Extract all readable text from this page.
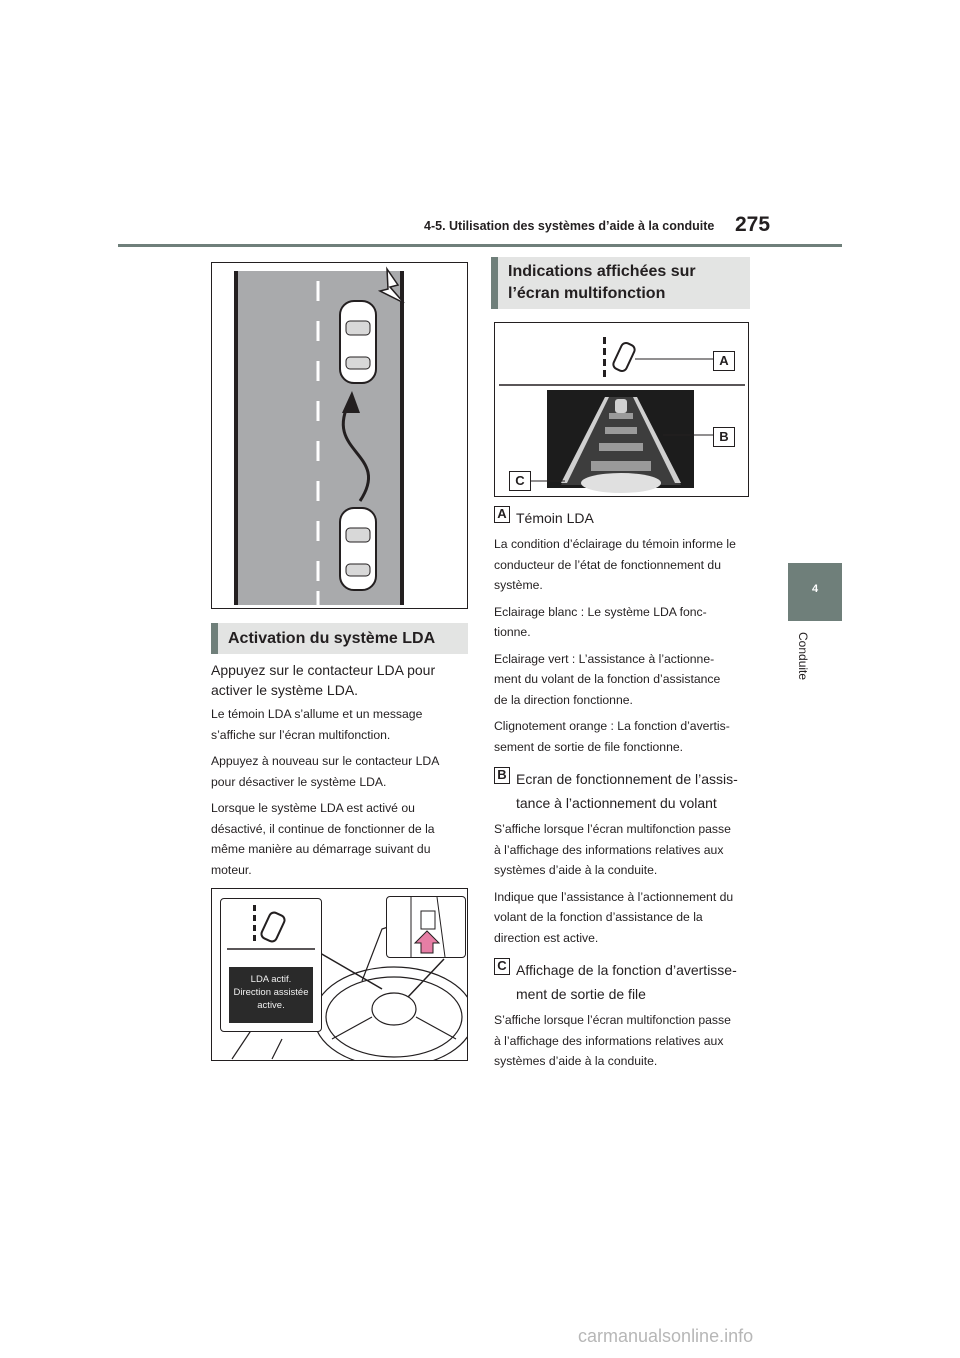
4-5. Utilisation des systèmes d’aide à la conduite 275
4
Conduite
Activation du système LDA
Appuyez sur le contacteur LDA pour
activer le système LDA.

Le témoin LDA s’allume et un message
s’affiche sur l’écran multifonction.

Appuyez à nouveau sur le contacteur LDA
pour désactiver le système LDA.

Lorsque le système LDA est activé ou
désactivé, il continue de fonctionner de la
même manière au démarrage suivant du
moteur.

LDA actif.
Direction assistée
active.
Indications affichées sur
l’écran multifonction
A
B
C
A Témoin LDA

La condition d’éclairage du témoin informe le
conducteur de l’état de fonctionnement du
système.

Eclairage blanc : Le système LDA fonc-
tionne.

Eclairage vert : L’assistance à l’actionne-
ment du volant de la fonction d’assistance
de la direction fonctionne.

Clignotement orange : La fonction d’avertis-
sement de sortie de file fonctionne.

B Ecran de fonctionnement de l’assis-
tance à l’actionnement du volant

S’affiche lorsque l’écran multifonction passe
à l’affichage des informations relatives aux
systèmes d’aide à la conduite.

Indique que l’assistance à l’actionnement du
volant de la fonction d’assistance de la
direction est active.

C Affichage de la fonction d’avertisse-
ment de sortie de file

S’affiche lorsque l’écran multifonction passe
à l’affichage des informations relatives aux
systèmes d’aide à la conduite.

carmanualsonline.info
